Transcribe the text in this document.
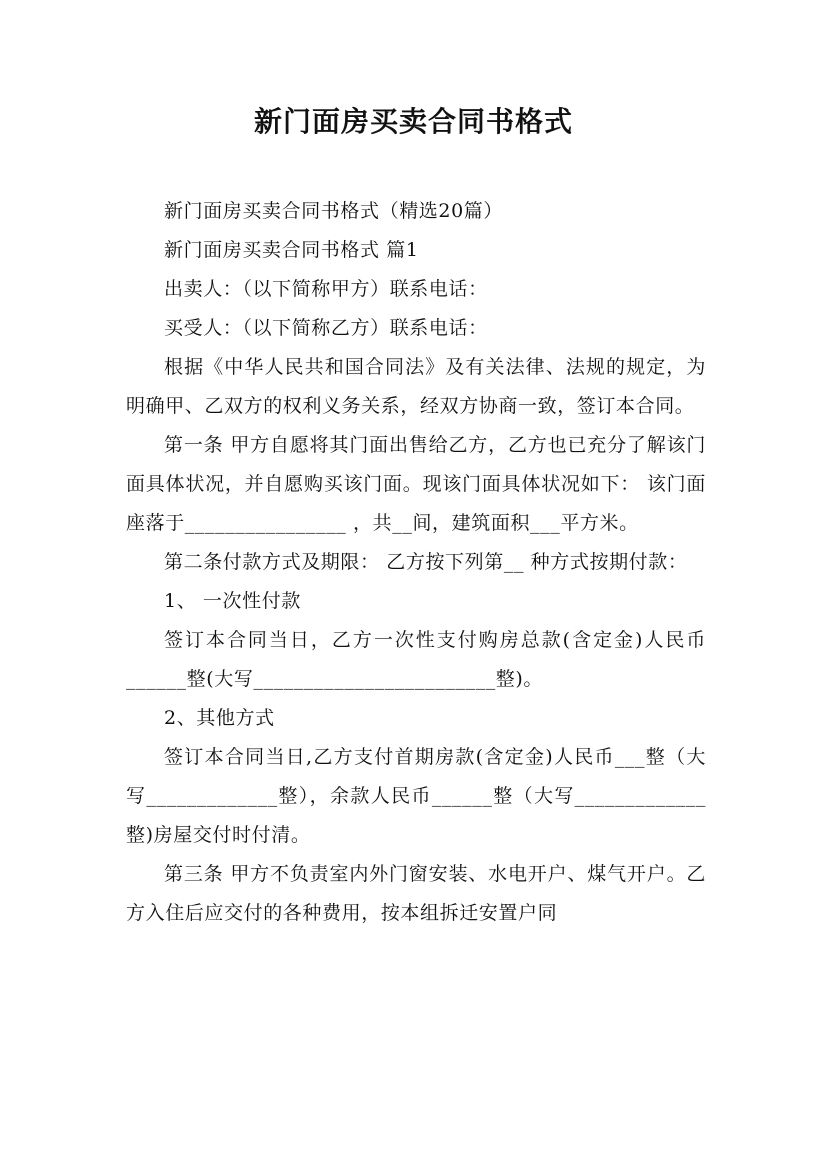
新门面房买卖合同书格式

新门面房买卖合同书格式（精选20篇）

新门面房买卖合同书格式 篇1

出卖人：（以下简称甲方）联系电话：

买受人：（以下简称乙方）联系电话：

根据《中华人民共和国合同法》及有关法律、法规的规定，为明确甲、乙双方的权利义务关系，经双方协商一致，签订本合同。

第一条 甲方自愿将其门面出售给乙方，乙方也已充分了解该门面具体状况，并自愿购买该门面。现该门面具体状况如下： 该门面座落于________________ ，共__间，建筑面积___平方米。

第二条付款方式及期限： 乙方按下列第__ 种方式按期付款：

1、 一次性付款

签订本合同当日，乙方一次性支付购房总款(含定金)人民币 ______整(大写________________________整)。

2、其他方式

签订本合同当日,乙方支付首期房款(含定金)人民币___整（大写_____________整），余款人民币______整（大写_____________整)房屋交付时付清。

第三条 甲方不负责室内外门窗安装、水电开户、煤气开户。乙方入住后应交付的各种费用，按本组拆迁安置户同
